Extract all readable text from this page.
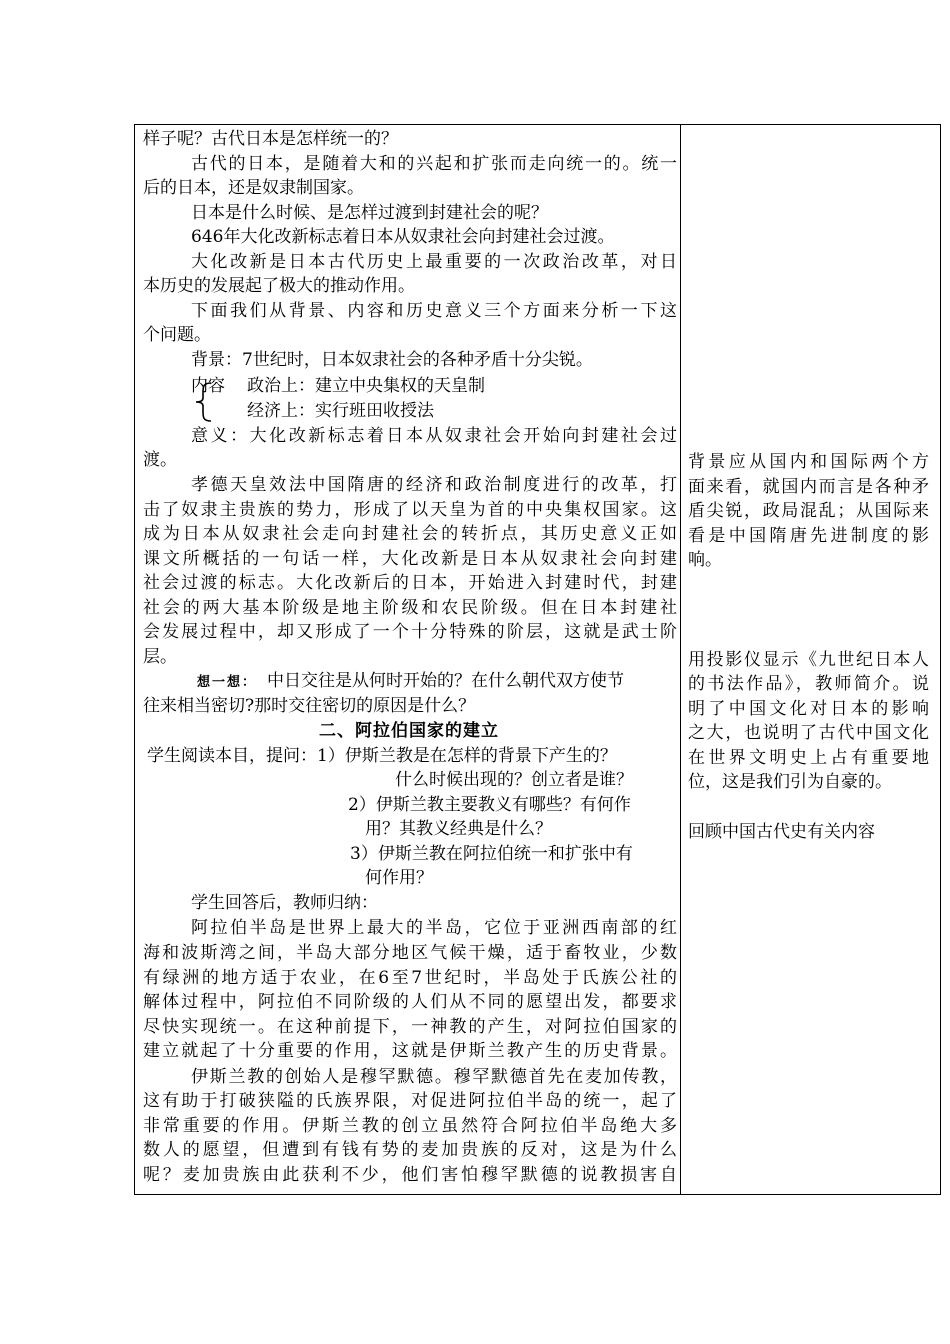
样子呢？古代日本是怎样统一的？
古代的日本，是随着大和的兴起和扩张而走向统一的。统一
后的日本，还是奴隶制国家。
日本是什么时候、是怎样过渡到封建社会的呢？
646年大化改新标志着日本从奴隶社会向封建社会过渡。
大化改新是日本古代历史上最重要的一次政治改革，对日
本历史的发展起了极大的推动作用。
下面我们从背景、内容和历史意义三个方面来分析一下这
个问题。
背景：7世纪时，日本奴隶社会的各种矛盾十分尖锐。
内容 政治上：建立中央集权的天皇制
经济上：实行班田收授法
意义：大化改新标志着日本从奴隶社会开始向封建社会过
渡。
孝德天皇效法中国隋唐的经济和政治制度进行的改革，打
击了奴隶主贵族的势力，形成了以天皇为首的中央集权国家。这
成为日本从奴隶社会走向封建社会的转折点，其历史意义正如
课文所概括的一句话一样，大化改新是日本从奴隶社会向封建
社会过渡的标志。大化改新后的日本，开始进入封建时代，封建
社会的两大基本阶级是地主阶级和农民阶级。但在日本封建社
会发展过程中，却又形成了一个十分特殊的阶层，这就是武士阶
层。
想一想： 中日交往是从何时开始的？在什么朝代双方使节
往来相当密切?那时交往密切的原因是什么？
二、阿拉伯国家的建立
学生阅读本目，提问：1）伊斯兰教是在怎样的背景下产生的？
什么时候出现的？创立者是谁？
2）伊斯兰教主要教义有哪些？有何作
用？其教义经典是什么？
3）伊斯兰教在阿拉伯统一和扩张中有
何作用？
学生回答后，教师归纳：
阿拉伯半岛是世界上最大的半岛，它位于亚洲西南部的红
海和波斯湾之间，半岛大部分地区气候干燥，适于畜牧业，少数
有绿洲的地方适于农业，在6至7世纪时，半岛处于氏族公社的
解体过程中，阿拉伯不同阶级的人们从不同的愿望出发，都要求
尽快实现统一。在这种前提下，一神教的产生，对阿拉伯国家的
建立就起了十分重要的作用，这就是伊斯兰教产生的历史背景。
伊斯兰教的创始人是穆罕默德。穆罕默德首先在麦加传教，
这有助于打破狭隘的氏族界限，对促进阿拉伯半岛的统一，起了
非常重要的作用。伊斯兰教的创立虽然符合阿拉伯半岛绝大多
数人的愿望，但遭到有钱有势的麦加贵族的反对，这是为什么
呢？麦加贵族由此获利不少，他们害怕穆罕默德的说教损害自
背景应从国内和国际两个方
面来看，就国内而言是各种矛
盾尖锐，政局混乱；从国际来
看是中国隋唐先进制度的影
响。
用投影仪显示《九世纪日本人
的书法作品》，教师简介。说
明了中国文化对日本的影响
之大，也说明了古代中国文化
在世界文明史上占有重要地
位，这是我们引为自豪的。
回顾中国古代史有关内容
